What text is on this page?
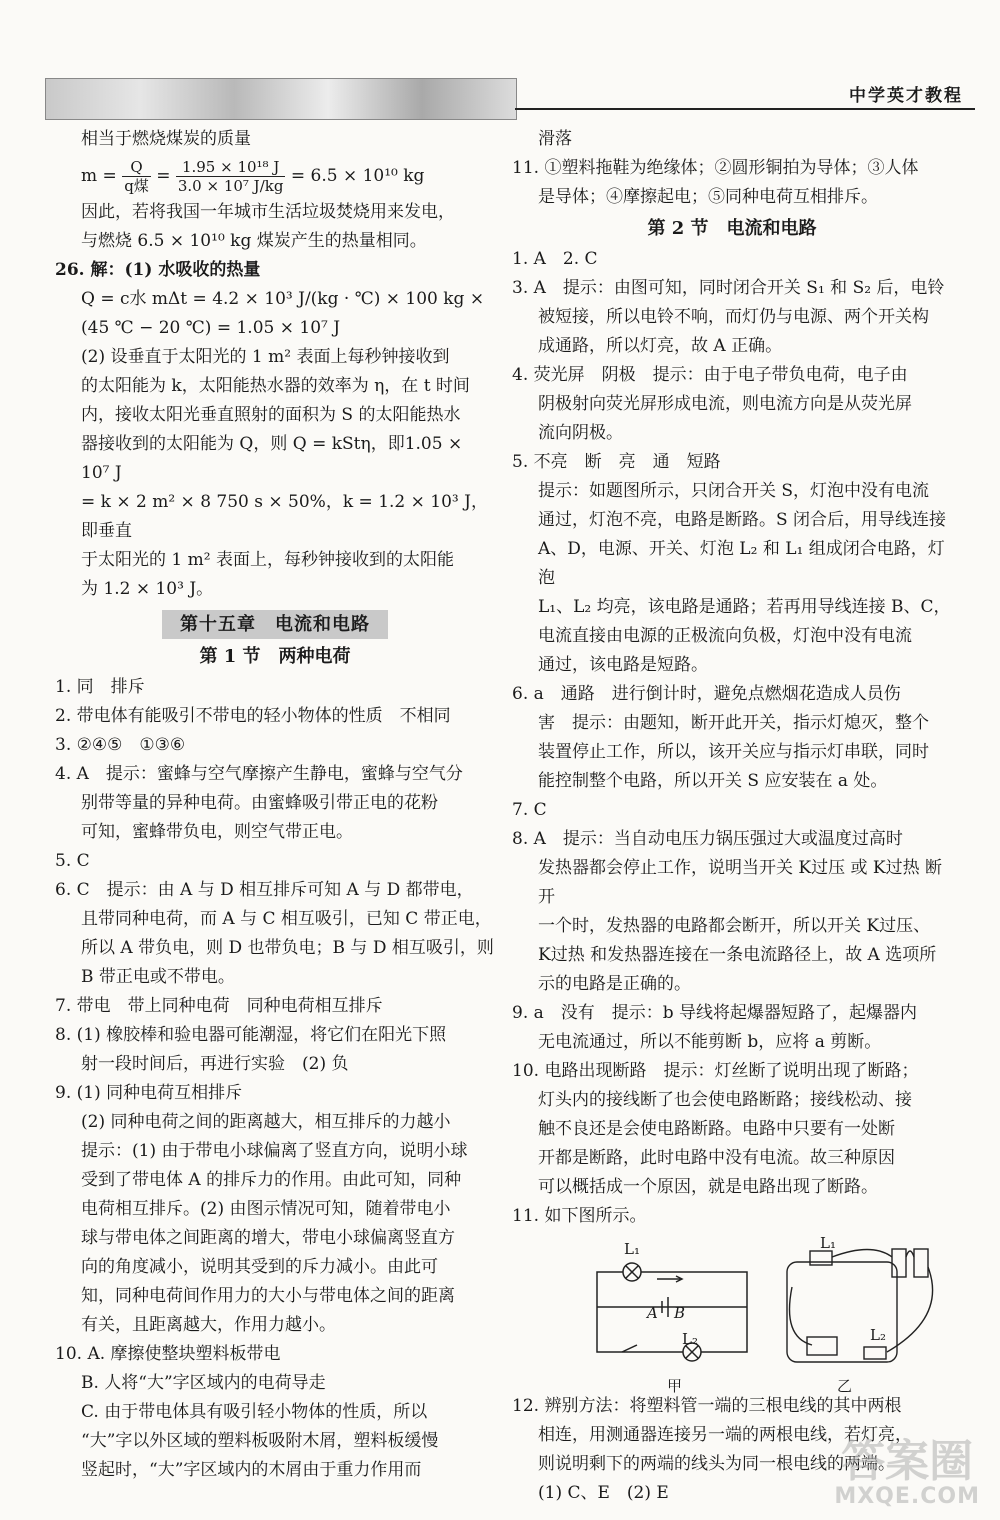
中学英才教程

相当于燃烧煤炭的质量

$m = \frac{Q}{\text{q煤}} = \frac{\text{1.95 × 10¹⁸ J}}{\text{3.0 × 10⁷ J/kg}} = 6.5 \times 10^{10}$ kg

因此，若将我国一年城市生活垃圾焚烧用来发电，

与燃烧 6.5 × 10¹⁰ kg 煤炭产生的热量相同。

26. 解：(1) 水吸收的热量

Q = c水 mΔt = 4.2 × 10³ J/(kg · ℃) × 100 kg ×

(45 ℃ − 20 ℃) = 1.05 × 10⁷ J

(2) 设垂直于太阳光的 1 m² 表面上每秒钟接收到

的太阳能为 k，太阳能热水器的效率为 η，在 t 时间

内，接收太阳光垂直照射的面积为 S 的太阳能热水

器接收到的太阳能为 Q，则 Q = kStη，即1.05 × 10⁷ J

= k × 2 m² × 8 750 s × 50%，k = 1.2 × 10³ J，即垂直

于太阳光的 1 m² 表面上，每秒钟接收到的太阳能

为 1.2 × 10³ J。

第十五章　电流和电路
第 1 节　两种电荷

1. 同　排斥

2. 带电体有能吸引不带电的轻小物体的性质　不相同

3. ②④⑤　①③⑥

4. A　提示：蜜蜂与空气摩擦产生静电，蜜蜂与空气分

别带等量的异种电荷。由蜜蜂吸引带正电的花粉

可知，蜜蜂带负电，则空气带正电。

5. C

6. C　提示：由 A 与 D 相互排斥可知 A 与 D 都带电，

且带同种电荷，而 A 与 C 相互吸引，已知 C 带正电，

所以 A 带负电，则 D 也带负电；B 与 D 相互吸引，则

B 带正电或不带电。

7. 带电　带上同种电荷　同种电荷相互排斥

8. (1) 橡胶棒和验电器可能潮湿，将它们在阳光下照

射一段时间后，再进行实验　(2) 负

9. (1) 同种电荷互相排斥

(2) 同种电荷之间的距离越大，相互排斥的力越小

提示：(1) 由于带电小球偏离了竖直方向，说明小球

受到了带电体 A 的排斥力的作用。由此可知，同种

电荷相互排斥。(2) 由图示情况可知，随着带电小

球与带电体之间距离的增大，带电小球偏离竖直方

向的角度减小，说明其受到的斥力减小。由此可

知，同种电荷间作用力的大小与带电体之间的距离

有关，且距离越大，作用力越小。

10. A. 摩擦使整块塑料板带电

B. 人将“大”字区域内的电荷导走

C. 由于带电体具有吸引轻小物体的性质，所以

“大”字以外区域的塑料板吸附木屑，塑料板缓慢

竖起时，“大”字区域内的木屑由于重力作用而

滑落

11. ①塑料拖鞋为绝缘体；②圆形铜拍为导体；③人体

是导体；④摩擦起电；⑤同种电荷互相排斥。

第 2 节　电流和电路

1. A　2. C

3. A　提示：由图可知，同时闭合开关 S₁ 和 S₂ 后，电铃

被短接，所以电铃不响，而灯仍与电源、两个开关构

成通路，所以灯亮，故 A 正确。

4. 荧光屏　阴极　提示：由于电子带负电荷，电子由

阴极射向荧光屏形成电流，则电流方向是从荧光屏

流向阴极。

5. 不亮　断　亮　通　短路

提示：如题图所示，只闭合开关 S，灯泡中没有电流

通过，灯泡不亮，电路是断路。S 闭合后，用导线连接

A、D，电源、开关、灯泡 L₂ 和 L₁ 组成闭合电路，灯泡

L₁、L₂ 均亮，该电路是通路；若再用导线连接 B、C，

电流直接由电源的正极流向负极，灯泡中没有电流

通过，该电路是短路。

6. a　通路　进行倒计时，避免点燃烟花造成人员伤

害　提示：由题知，断开此开关，指示灯熄灭，整个

装置停止工作，所以，该开关应与指示灯串联，同时

能控制整个电路，所以开关 S 应安装在 a 处。

7. C

8. A　提示：当自动电压力锅压强过大或温度过高时

发热器都会停止工作，说明当开关 K过压 或 K过热 断开

一个时，发热器的电路都会断开，所以开关 K过压、

K过热 和发热器连接在一条电流路径上，故 A 选项所

示的电路是正确的。

9. a　没有　提示：b 导线将起爆器短路了，起爆器内

无电流通过，所以不能剪断 b，应将 a 剪断。

10. 电路出现断路　提示：灯丝断了说明出现了断路；

灯头内的接线断了也会使电路断路；接线松动、接

触不良还是会使电路断路。电路中只要有一处断

开都是断路，此时电路中没有电流。故三种原因

可以概括成一个原因，就是电路出现了断路。

11. 如下图所示。

L₁
L₂
A B
L₁
L₂
甲	乙

12. 辨别方法：将塑料管一端的三根电线的其中两根

相连，用测通器连接另一端的两根电线，若灯亮，

则说明剩下的两端的线头为同一根电线的两端。

(1) C、E　(2) E

答案圈
MXQE.COM
